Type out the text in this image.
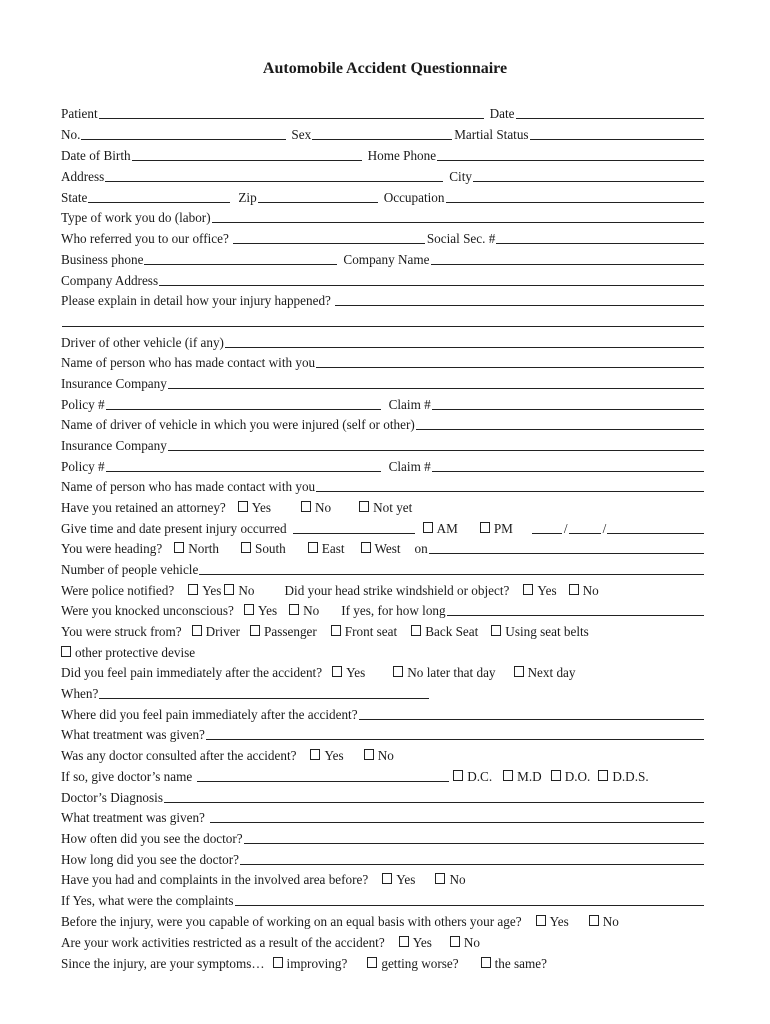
Automobile Accident Questionnaire
Patient	Date
No.	Sex	Martial Status
Date of Birth	Home Phone
Address	City
State	Zip	Occupation
Type of work you do (labor)
Who referred you to our office?	Social Sec. #
Business phone	Company Name
Company Address
Please explain in detail how your injury happened?
Driver of other vehicle (if any)
Name of person who has made contact with you
Insurance Company
Policy #	Claim #
Name of driver of vehicle in which you were injured (self or other)
Insurance Company
Policy #	Claim #
Name of person who has made contact with you
Have you retained an attorney? Yes	No	Not yet
Give time and date present injury occurred	AM	PM	/	/
You were heading? North	South	East West on
Number of people vehicle
Were police notified? Yes No Did your head strike windshield or object? Yes No
Were you knocked unconscious? Yes No If yes, for how long
You were struck from? Driver Passenger Front seat Back Seat Using seat belts
other protective devise
Did you feel pain immediately after the accident? Yes	No later that day Next day
When?
Where did you feel pain immediately after the accident?
What treatment was given?
Was any doctor consulted after the accident? Yes	No
If so, give doctor’s name	D.C. M.D D.O. D.D.S.
Doctor’s Diagnosis
What treatment was given?
How often did you see the doctor?
How long did you see the doctor?
Have you had and complaints in the involved area before? Yes	No
If Yes, what were the complaints
Before the injury, were you capable of working on an equal basis with others your age? Yes	No
Are your work activities restricted as a result of the accident? Yes No
Since the injury, are your symptoms… improving?	getting worse?	the same?
